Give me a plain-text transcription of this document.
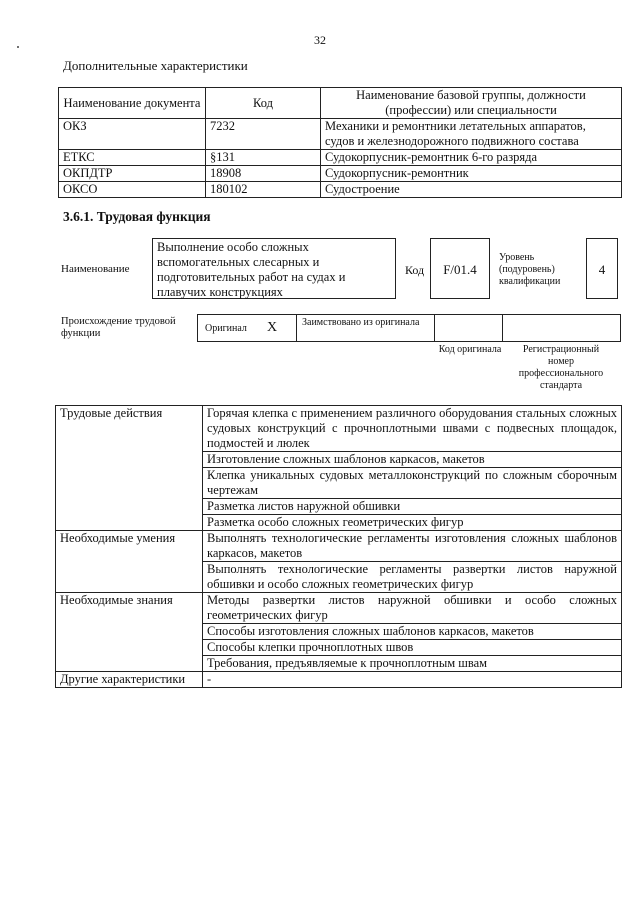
32
Дополнительные характеристики
Наименование документа	Код	Наименование базовой группы, должности (профессии) или специальности
ОКЗ	7232	Механики и ремонтники летательных аппаратов, судов и железнодорожного подвижного состава
ЕТКС	§131	Судокорпусник-ремонтник 6-го разряда
ОКПДТР	18908	Судокорпусник-ремонтник
ОКСО	180102	Судостроение
3.6.1. Трудовая функция
Наименование
Выполнение особо сложных вспомогательных слесарных и подготовительных работ на судах и плавучих конструкциях
Код	F/01.4
Уровень (подуровень) квалификации
4
Происхождение трудовой функции	Оригинал X Заимствовано из оригинала
Код оригинала	Регистрационный номер профессионального стандарта
Трудовые действия	Горячая клепка с применением различного оборудования стальных сложных судовых конструкций с прочноплотными швами с подвесных площадок, подмостей и люлек
	Изготовление сложных шаблонов каркасов, макетов
	Клепка уникальных судовых металлоконструкций по сложным сборочным чертежам
	Разметка листов наружной обшивки
	Разметка особо сложных геометрических фигур
Необходимые умения	Выполнять технологические регламенты изготовления сложных шаблонов каркасов, макетов
	Выполнять технологические регламенты развертки листов наружной обшивки и особо сложных геометрических фигур
Необходимые знания	Методы развертки листов наружной обшивки и особо сложных геометрических фигур
	Способы изготовления сложных шаблонов каркасов, макетов
	Способы клепки прочноплотных швов
	Требования, предъявляемые к прочноплотным швам
Другие характеристики	-
